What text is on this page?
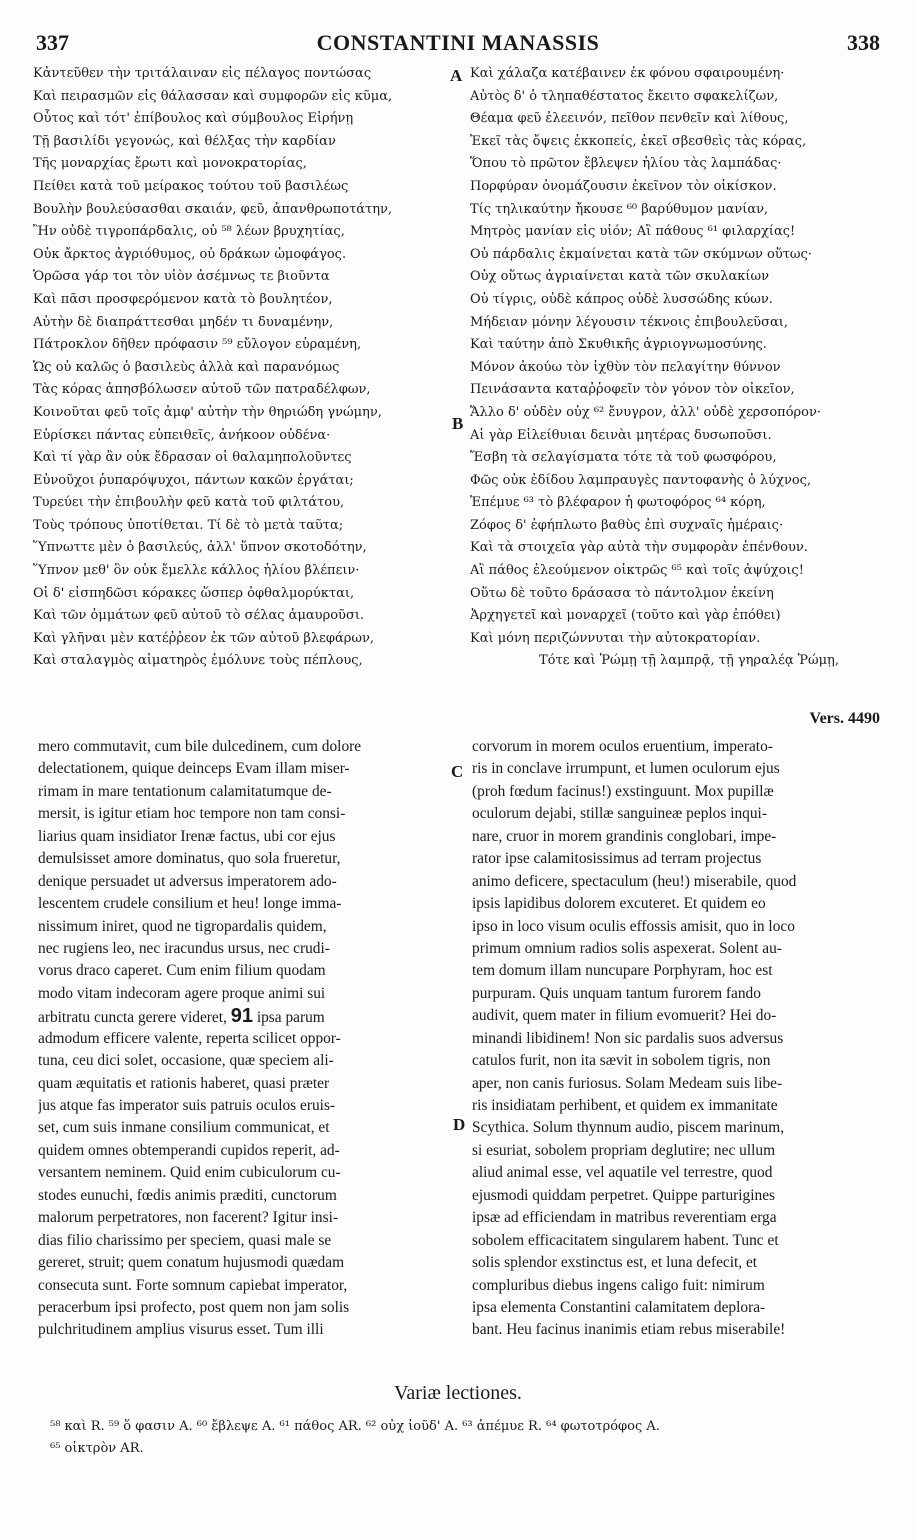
337	CONSTANTINI MANASSIS	338
Κἀντεῦθεν τὴν τριτάλαιναν εἰς πέλαγος ποντώσας
Καὶ πειρασμῶν εἰς θάλασσαν καὶ συμφορῶν εἰς κῦμα,
Οὗτος καὶ τότ' ἐπίβουλος καὶ σύμβουλος Εἰρήνῃ
Τῇ βασιλίδι γεγονώς, καὶ θέλξας τὴν καρδίαν
Τῆς μοναρχίας ἔρωτι καὶ μονοκρατορίας,
Πείθει κατὰ τοῦ μείρακος τούτου τοῦ βασιλέως
Βουλὴν βουλεύσασθαι σκαιάν, φεῦ, ἀπανθρωποτάτην,
Ἣν οὐδὲ τιγροπάρδαλις, οὐ ⁵⁸ λέων βρυχητίας,
Οὐκ ἄρκτος ἀγριόθυμος, οὐ δράκων ὠμοφάγος.
Ὁρῶσα γάρ τοι τὸν υἱὸν ἀσέμνως τε βιοῦντα
Καὶ πᾶσι προσφερόμενον κατὰ τὸ βουλητέον,
Αὐτὴν δὲ διαπράττεσθαι μηδέν τι δυναμένην,
Πάτροκλον δῆθεν πρόφασιν ⁵⁹ εὔλογον εὑραμένη,
Ὡς οὐ καλῶς ὁ βασιλεὺς ἀλλὰ καὶ παρανόμως
Τὰς κόρας ἀπησβόλωσεν αὐτοῦ τῶν πατραδέλφων,
Κοινοῦται φεῦ τοῖς ἀμφ' αὐτὴν τὴν θηριώδη γνώμην,
Εὑρίσκει πάντας εὐπειθεῖς, ἀνήκοον οὐδένα·
Καὶ τί γὰρ ἂν οὐκ ἔδρασαν οἱ θαλαμηπολοῦντες
Εὐνοῦχοι ῥυπαρόψυχοι, πάντων κακῶν ἐργάται;
Τυρεύει τὴν ἐπιβουλὴν φεῦ κατὰ τοῦ φιλτάτου,
Τοὺς τρόπους ὑποτίθεται. Τί δὲ τὸ μετὰ ταῦτα;
Ὕπνωττε μὲν ὁ βασιλεύς, ἀλλ' ὕπνον σκοτοδότην,
Ὕπνον μεθ' ὃν οὐκ ἔμελλε κάλλος ἡλίου βλέπειν·
Οἱ δ' εἰσπηδῶσι κόρακες ὥσπερ ὀφθαλμορύκται,
Καὶ τῶν ὀμμάτων φεῦ αὐτοῦ τὸ σέλας ἀμαυροῦσι.
Καὶ γλῆναι μὲν κατέῤῥεον ἐκ τῶν αὐτοῦ βλεφάρων,
Καὶ σταλαγμὸς αἱματηρὸς ἐμόλυνε τοὺς πέπλους,
Καὶ χάλαζα κατέβαινεν ἐκ φόνου σφαιρουμένη·
Αὐτὸς δ' ὁ τληπαθέστατος ἔκειτο σφακελίζων,
Θέαμα φεῦ ἐλεεινόν, πεῖθον πενθεῖν καὶ λίθους,
Ἐκεῖ τὰς ὄψεις ἐκκοπείς, ἐκεῖ σβεσθεὶς τὰς κόρας,
Ὅπου τὸ πρῶτον ἔβλεψεν ἡλίου τὰς λαμπάδας·
Πορφύραν ὀνομάζουσιν ἐκεῖνον τὸν οἰκίσκον.
Τίς τηλικαύτην ἤκουσε ⁶⁰ βαρύθυμον μανίαν,
Μητρὸς μανίαν εἰς υἱόν; Αἲ πάθους ⁶¹ φιλαρχίας!
Οὐ πάρδαλις ἐκμαίνεται κατὰ τῶν σκύμνων οὕτως·
Οὐχ οὕτως ἀγριαίνεται κατὰ τῶν σκυλακίων
Οὐ τίγρις, οὐδὲ κάπρος οὐδὲ λυσσώδης κύων.
Μήδειαν μόνην λέγουσιν τέκνοις ἐπιβουλεῦσαι,
Καὶ ταύτην ἀπὸ Σκυθικῆς ἀγριογνωμοσύνης.
Μόνον ἀκούω τὸν ἰχθὺν τὸν πελαγίτην θύννον
Πεινάσαντα καταῤῥοφεῖν τὸν γόνον τὸν οἰκεῖον,
Ἄλλο δ' οὐδὲν οὐχ ⁶² ἔνυγρον, ἀλλ' οὐδὲ χερσοπόρον·
Αἱ γὰρ Εἰλείθυιαι δεινὰι μητέρας δυσωποῦσι.
Ἔσβη τὰ σελαγίσματα τότε τὰ τοῦ φωσφόρου,
Φῶς οὐκ ἐδίδου λαμπραυγὲς παντοφανὴς ὁ λύχνος,
Ἐπέμυε ⁶³ τὸ βλέφαρον ἡ φωτοφόρος ⁶⁴ κόρη,
Ζόφος δ' ἐφήπλωτο βαθὺς ἐπὶ συχναῖς ἡμέραις·
Καὶ τὰ στοιχεῖα γὰρ αὐτὰ τὴν συμφορὰν ἐπένθουν.
Αἲ πάθος ἐλεούμενον οἰκτρῶς ⁶⁵ καὶ τοῖς ἀψύχοις!
Οὕτω δὲ τοῦτο δράσασα τὸ πάντολμον ἐκείνη
Ἀρχηγετεῖ καὶ μοναρχεῖ (τοῦτο καὶ γὰρ ἐπόθει)
Καὶ μόνη περιζώννυται τὴν αὐτοκρατορίαν.
Τότε καὶ Ῥώμῃ τῇ λαμπρᾷ, τῇ γηραλέᾳ Ῥώμῃ,
A
B
C
D
Vers. 4490
mero commutavit, cum bile dulcedinem, cum dolore
delectationem, quique deinceps Evam illam miser-
rimam in mare tentationum calamitatumque de-
mersit, is igitur etiam hoc tempore non tam consi-
liarius quam insidiator Irenæ factus, ubi cor ejus
demulsisset amore dominatus, quo sola frueretur,
denique persuadet ut adversus imperatorem ado-
lescentem crudele consilium et heu! longe imma-
nissimum iniret, quod ne tigropardalis quidem,
nec rugiens leo, nec iracundus ursus, nec crudi-
vorus draco caperet. Cum enim filium quodam
modo vitam indecoram agere proque animi sui
arbitratu cuncta gerere videret, 91 ipsa parum
admodum efficere valente, reperta scilicet oppor-
tuna, ceu dici solet, occasione, quæ speciem ali-
quam æquitatis et rationis haberet, quasi præter
jus atque fas imperator suis patruis oculos eruis-
set, cum suis inmane consilium communicat, et
quidem omnes obtemperandi cupidos reperit, ad-
versantem neminem. Quid enim cubiculorum cu-
stodes eunuchi, fœdis animis præditi, cunctorum
malorum perpetratores, non facerent? Igitur insi-
dias filio charissimo per speciem, quasi male se
gereret, struit; quem conatum hujusmodi quædam
consecuta sunt. Forte somnum capiebat imperator,
peracerbum ipsi profecto, post quem non jam solis
pulchritudinem amplius visurus esset. Tum illi
corvorum in morem oculos eruentium, imperato-
ris in conclave irrumpunt, et lumen oculorum ejus
(proh fœdum facinus!) exstinguunt. Mox pupillæ
oculorum dejabi, stillæ sanguineæ peplos inqui-
nare, cruor in morem grandinis conglobari, impe-
rator ipse calamitosissimus ad terram projectus
animo deficere, spectaculum (heu!) miserabile, quod
ipsis lapidibus dolorem excuteret. Et quidem eo
ipso in loco visum oculis effossis amisit, quo in loco
primum omnium radios solis aspexerat. Solent au-
tem domum illam nuncupare Porphyram, hoc est
purpuram. Quis unquam tantum furorem fando
audivit, quem mater in filium evomuerit? Hei do-
minandi libidinem! Non sic pardalis suos adversus
catulos furit, non ita sævit in sobolem tigris, non
aper, non canis furiosus. Solam Medeam suis libe-
ris insidiatam perhibent, et quidem ex immanitate
Scythica. Solum thynnum audio, piscem marinum,
si esuriat, sobolem propriam deglutire; nec ullum
aliud animal esse, vel aquatile vel terrestre, quod
ejusmodi quiddam perpetret. Quippe parturigines
ipsæ ad efficiendam in matribus reverentiam erga
sobolem efficacitatem singularem habent. Tunc et
solis splendor exstinctus est, et luna defecit, et
compluribus diebus ingens caligo fuit: nimirum
ipsa elementa Constantini calamitatem deplora-
bant. Heu facinus inanimis etiam rebus miserabile!
Variæ lectiones.
⁵⁸ καὶ R. ⁵⁹ ὅ φασιν A. ⁶⁰ ἔβλεψε A. ⁶¹ πάθος AR. ⁶² οὐχ ἰοῦδ' A. ⁶³ ἀπέμυε R. ⁶⁴ φωτοτρόφος A.
⁶⁵ οἰκτρὸν AR.
